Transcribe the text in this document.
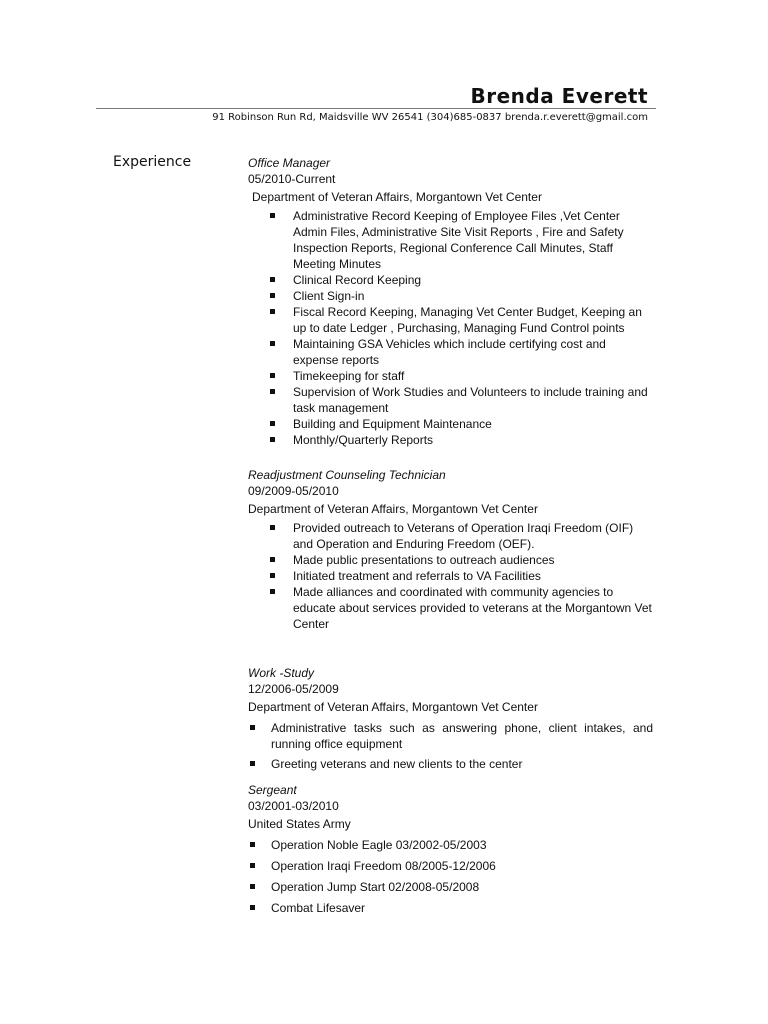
Brenda Everett
91 Robinson Run Rd, Maidsville WV 26541 (304)685-0837 brenda.r.everett@gmail.com
Experience	Office Manager
05/2010-Current
Department of Veteran Affairs, Morgantown Vet Center
Administrative Record Keeping of Employee Files ,Vet Center Admin Files, Administrative Site Visit Reports , Fire and Safety Inspection Reports, Regional Conference Call Minutes, Staff Meeting Minutes
Clinical Record Keeping
Client Sign-in
Fiscal Record Keeping, Managing Vet Center Budget, Keeping an up to date Ledger , Purchasing, Managing Fund Control points
Maintaining GSA Vehicles which include certifying cost and expense reports
Timekeeping for staff
Supervision of Work Studies and Volunteers to include training and task management
Building and Equipment Maintenance
Monthly/Quarterly Reports
Readjustment Counseling Technician
09/2009-05/2010
Department of Veteran Affairs, Morgantown Vet Center
Provided outreach to Veterans of Operation Iraqi Freedom (OIF) and Operation and Enduring Freedom (OEF).
Made public presentations to outreach audiences
Initiated treatment and referrals to VA Facilities
Made alliances and coordinated with community agencies to educate about services provided to veterans at the Morgantown Vet Center
Work -Study
12/2006-05/2009
Department of Veteran Affairs, Morgantown Vet Center
Administrative tasks such as answering phone, client intakes, and running office equipment
Greeting veterans and new clients to the center
Sergeant
03/2001-03/2010
United States Army
Operation Noble Eagle 03/2002-05/2003
Operation Iraqi Freedom 08/2005-12/2006
Operation Jump Start 02/2008-05/2008
Combat Lifesaver
